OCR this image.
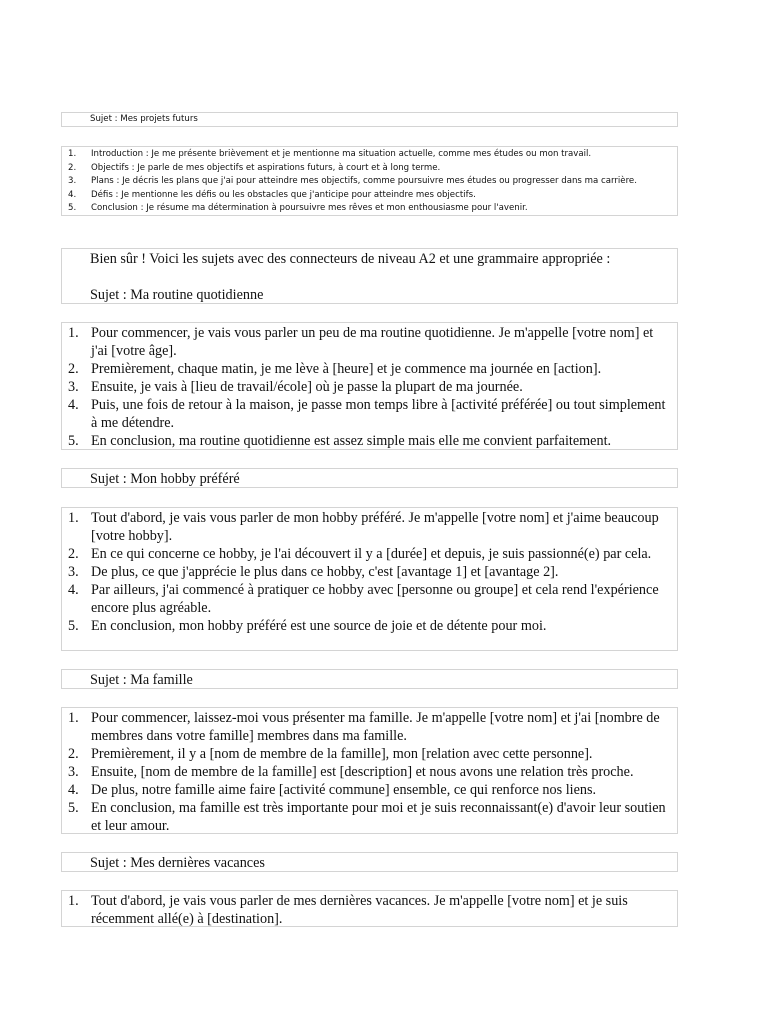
Sujet : Mes projets futurs
1.	Introduction : Je me présente brièvement et je mentionne ma situation actuelle, comme mes études ou mon travail.
2.	Objectifs : Je parle de mes objectifs et aspirations futurs, à court et à long terme.
3.	Plans : Je décris les plans que j'ai pour atteindre mes objectifs, comme poursuivre mes études ou progresser dans ma carrière.
4.	Défis : Je mentionne les défis ou les obstacles que j'anticipe pour atteindre mes objectifs.
5.	Conclusion : Je résume ma détermination à poursuivre mes rêves et mon enthousiasme pour l'avenir.
Bien sûr ! Voici les sujets avec des connecteurs de niveau A2 et une grammaire appropriée :
Sujet : Ma routine quotidienne
1. Pour commencer, je vais vous parler un peu de ma routine quotidienne. Je m'appelle [votre nom] et j'ai [votre âge].
2. Premièrement, chaque matin, je me lève à [heure] et je commence ma journée en [action].
3. Ensuite, je vais à [lieu de travail/école] où je passe la plupart de ma journée.
4. Puis, une fois de retour à la maison, je passe mon temps libre à [activité préférée] ou tout simplement à me détendre.
5. En conclusion, ma routine quotidienne est assez simple mais elle me convient parfaitement.
Sujet : Mon hobby préféré
1. Tout d'abord, je vais vous parler de mon hobby préféré. Je m'appelle [votre nom] et j'aime beaucoup [votre hobby].
2. En ce qui concerne ce hobby, je l'ai découvert il y a [durée] et depuis, je suis passionné(e) par cela.
3. De plus, ce que j'apprécie le plus dans ce hobby, c'est [avantage 1] et [avantage 2].
4. Par ailleurs, j'ai commencé à pratiquer ce hobby avec [personne ou groupe] et cela rend l'expérience encore plus agréable.
5. En conclusion, mon hobby préféré est une source de joie et de détente pour moi.
Sujet : Ma famille
1. Pour commencer, laissez-moi vous présenter ma famille. Je m'appelle [votre nom] et j'ai [nombre de membres dans votre famille] membres dans ma famille.
2. Premièrement, il y a [nom de membre de la famille], mon [relation avec cette personne].
3. Ensuite, [nom de membre de la famille] est [description] et nous avons une relation très proche.
4. De plus, notre famille aime faire [activité commune] ensemble, ce qui renforce nos liens.
5. En conclusion, ma famille est très importante pour moi et je suis reconnaissant(e) d'avoir leur soutien et leur amour.
Sujet : Mes dernières vacances
1. Tout d'abord, je vais vous parler de mes dernières vacances. Je m'appelle [votre nom] et je suis récemment allé(e) à [destination].
